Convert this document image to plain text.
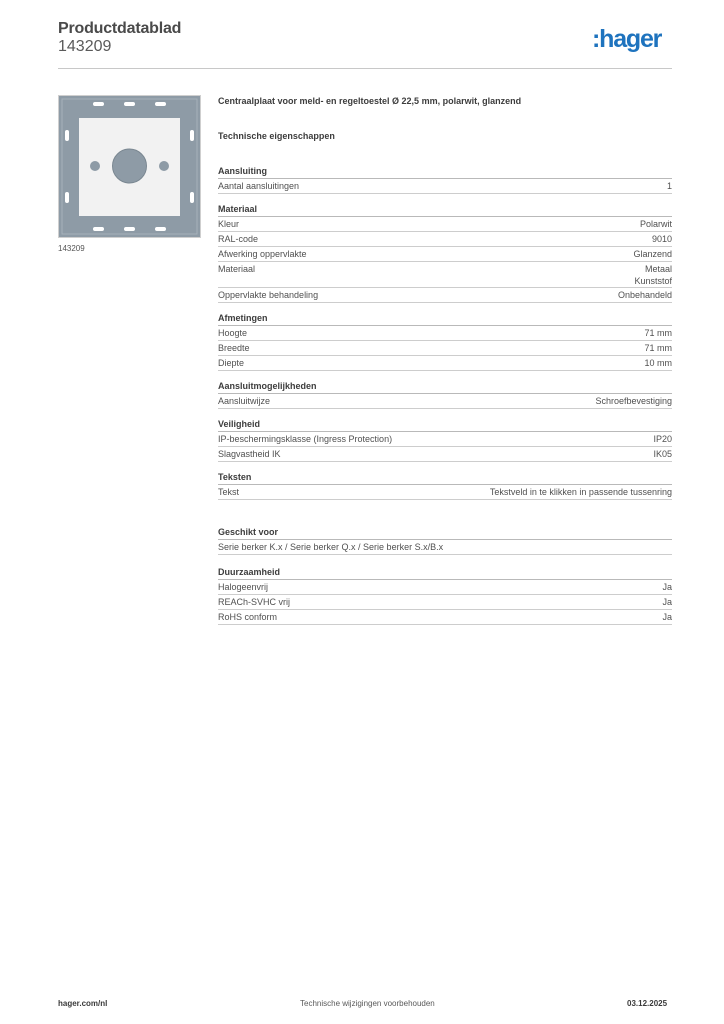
Productdatablad
143209	:hager
143209
Centraalplaat voor meld- en regeltoestel Ø 22,5 mm, polarwit, glanzend
Technische eigenschappen
Aansluiting
Aantal aansluitingen	1
Materiaal
Kleur	Polarwit
RAL-code	9010
Afwerking oppervlakte	Glanzend
Materiaal	Metaal
Kunststof
Oppervlakte behandeling	Onbehandeld
Afmetingen
Hoogte	71 mm
Breedte	71 mm
Diepte	10 mm
Aansluitmogelijkheden
Aansluitwijze	Schroefbevestiging
Veiligheid
IP-beschermingsklasse (Ingress Protection)	IP20
Slagvastheid IK	IK05
Teksten
Tekst	Tekstveld in te klikken in passende tussenring
Geschikt voor
Serie berker K.x / Serie berker Q.x / Serie berker S.x/B.x
Duurzaamheid
Halogeenvrij	Ja
REACh-SVHC vrij	Ja
RoHS conform	Ja
hager.com/nl	Technische wijzigingen voorbehouden	03.12.2025
